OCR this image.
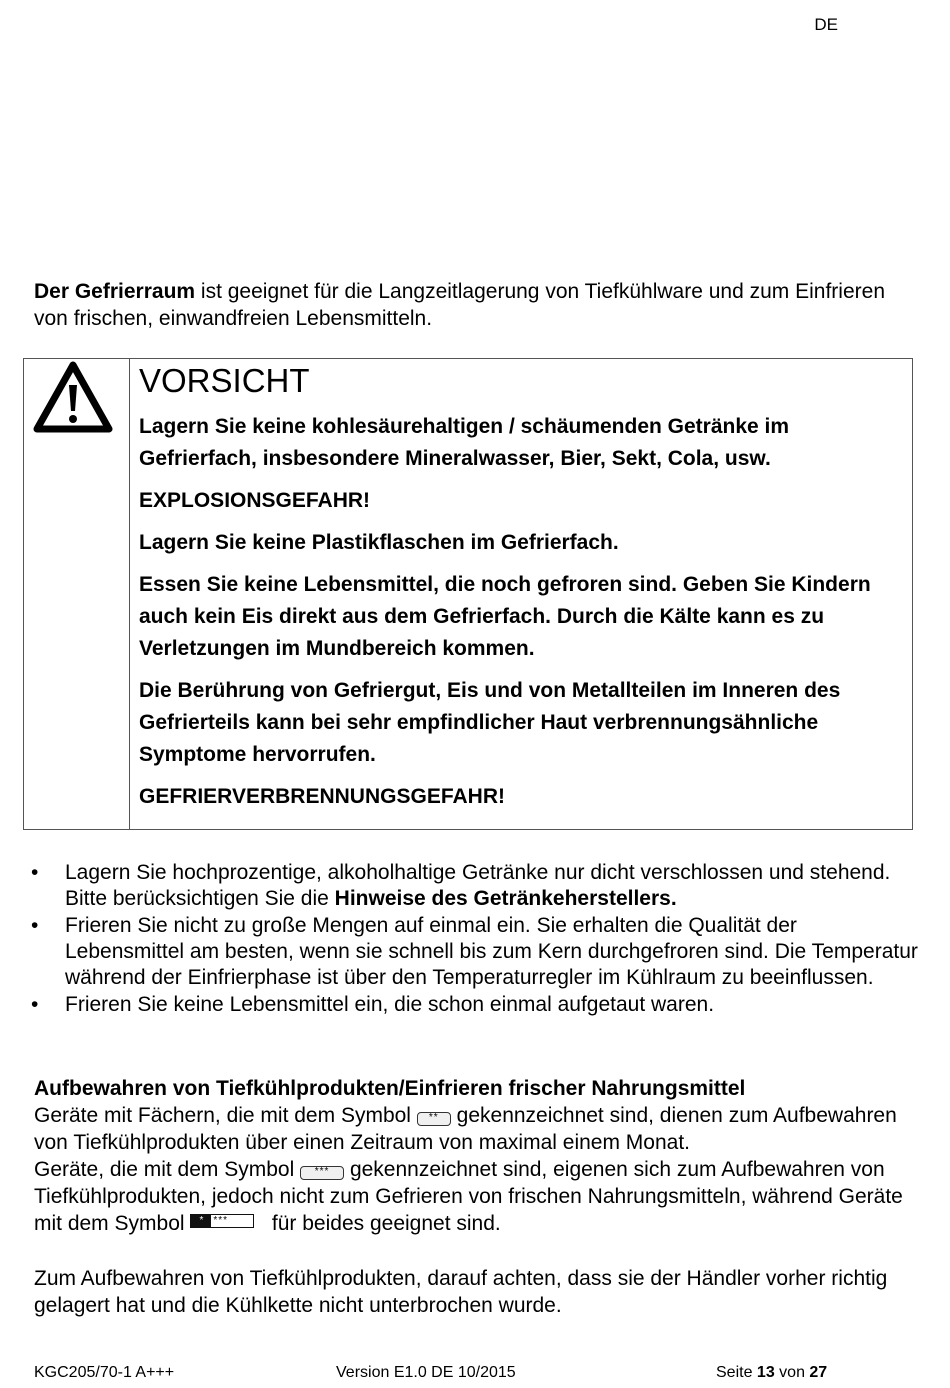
DE
Der Gefrierraum ist geeignet für die Langzeitlagerung von Tiefkühlware und zum Einfrieren von frischen, einwandfreien Lebensmitteln.
VORSICHT

Lagern Sie keine kohlesäurehaltigen / schäumenden Getränke im Gefrierfach, insbesondere Mineralwasser, Bier, Sekt, Cola, usw.

EXPLOSIONSGEFAHR!

Lagern Sie keine Plastikflaschen im Gefrierfach.

Essen Sie keine Lebensmittel, die noch gefroren sind. Geben Sie Kindern auch kein Eis direkt aus dem Gefrierfach. Durch die Kälte kann es zu Verletzungen im Mundbereich kommen.

Die Berührung von Gefriergut, Eis und von Metallteilen im Inneren des Gefrierteils kann bei sehr empfindlicher Haut verbrennungsähnliche Symptome hervorrufen.

GEFRIERVERBRENNUNGSGEFAHR!

• Lagern Sie hochprozentige, alkoholhaltige Getränke nur dicht verschlossen und stehend. Bitte berücksichtigen Sie die Hinweise des Getränkeherstellers.
• Frieren Sie nicht zu große Mengen auf einmal ein. Sie erhalten die Qualität der Lebensmittel am besten, wenn sie schnell bis zum Kern durchgefroren sind. Die Temperatur während der Einfrierphase ist über den Temperaturregler im Kühlraum zu beeinflussen.
• Frieren Sie keine Lebensmittel ein, die schon einmal aufgetaut waren.
Aufbewahren von Tiefkühlprodukten/Einfrieren frischer Nahrungsmittel
Geräte mit Fächern, die mit dem Symbol ** gekennzeichnet sind, dienen zum Aufbewahren von Tiefkühlprodukten über einen Zeitraum von maximal einem Monat.
Geräte, die mit dem Symbol *** gekennzeichnet sind, eigenen sich zum Aufbewahren von Tiefkühlprodukten, jedoch nicht zum Gefrieren von frischen Nahrungsmitteln, während Geräte mit dem Symbol	*	*** für beides geeignet sind.
Zum Aufbewahren von Tiefkühlprodukten, darauf achten, dass sie der Händler vorher richtig gelagert hat und die Kühlkette nicht unterbrochen wurde.
KGC205/70-1 A+++	Version E1.0 DE 10/2015	Seite 13 von 27
